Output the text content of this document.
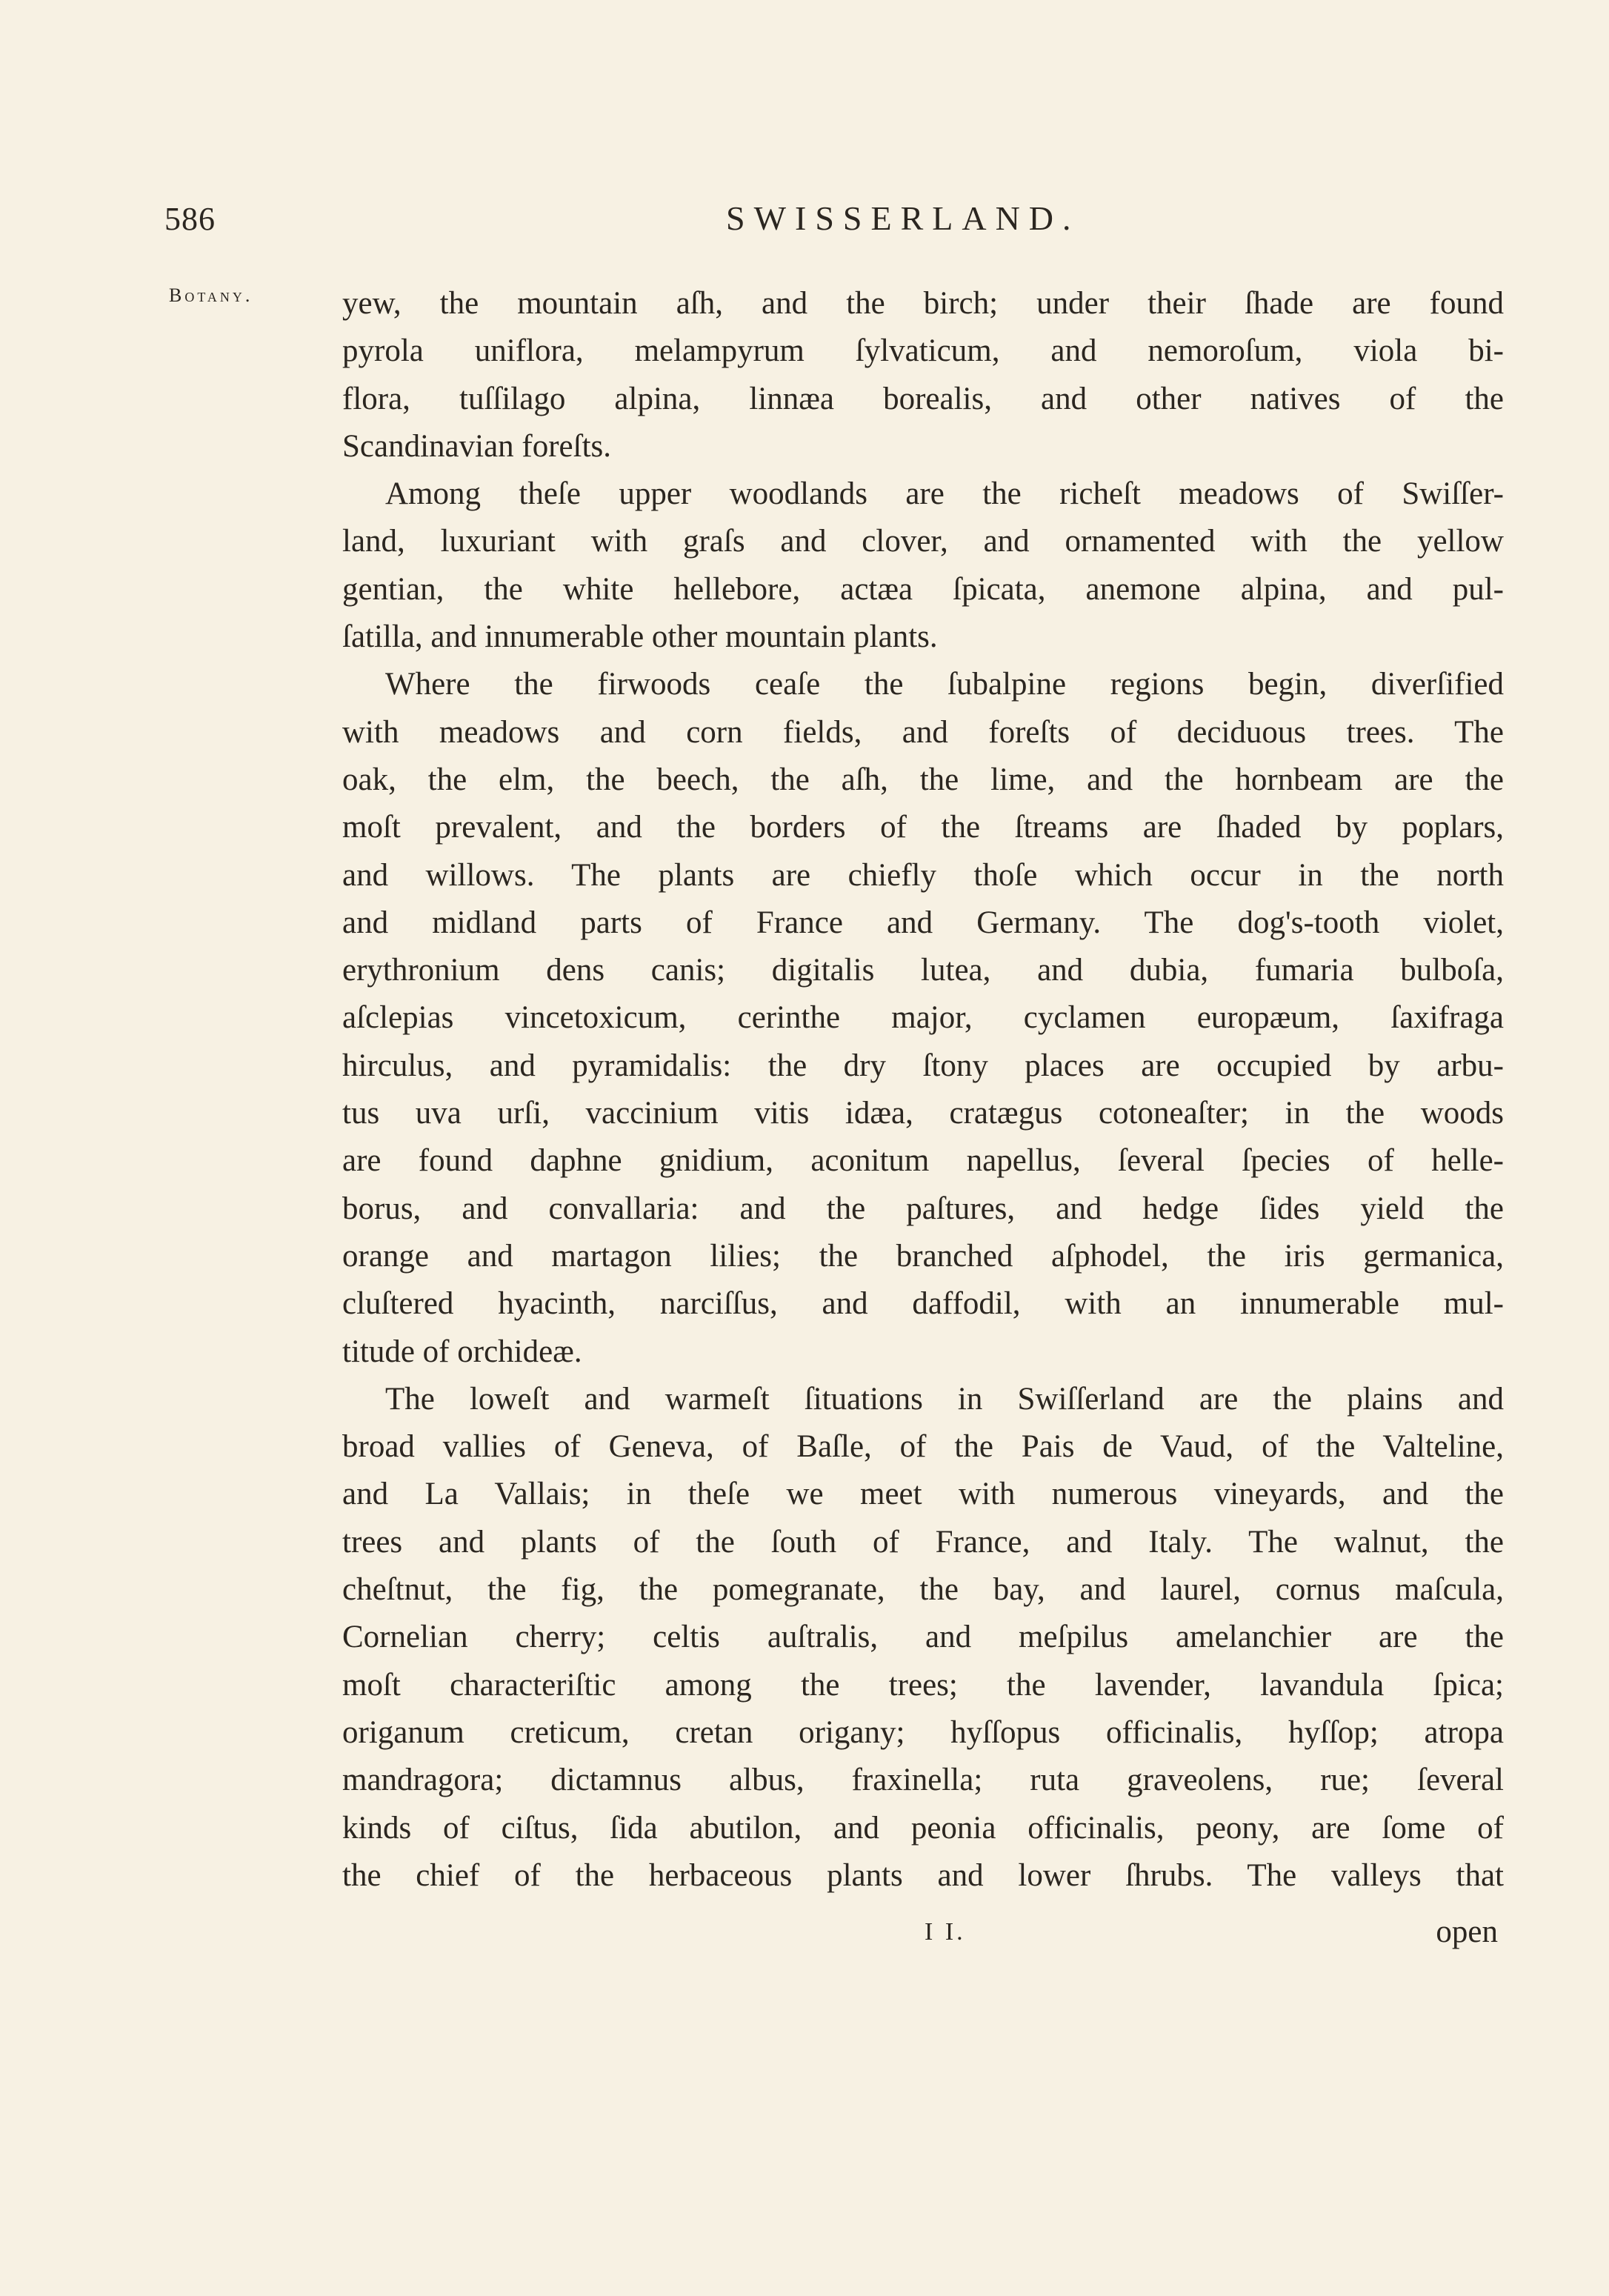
586	SWISSERLAND.
Botany.	yew, the mountain aſh, and the birch; under their ſhade are found
pyrola uniflora, melampyrum ſylvaticum, and nemoroſum, viola bi-
flora, tuſſilago alpina, linnæa borealis, and other natives of the
Scandinavian foreſts.
Among theſe upper woodlands are the richeſt meadows of Swiſſer-
land, luxuriant with graſs and clover, and ornamented with the yellow
gentian, the white hellebore, actæa ſpicata, anemone alpina, and pul-
ſatilla, and innumerable other mountain plants.
Where the firwoods ceaſe the ſubalpine regions begin, diverſified
with meadows and corn fields, and foreſts of deciduous trees. The
oak, the elm, the beech, the aſh, the lime, and the hornbeam are the
moſt prevalent, and the borders of the ſtreams are ſhaded by poplars,
and willows. The plants are chiefly thoſe which occur in the north
and midland parts of France and Germany. The dog's-tooth violet,
erythronium dens canis; digitalis lutea, and dubia, fumaria bulboſa,
aſclepias vincetoxicum, cerinthe major, cyclamen europæum, ſaxifraga
hirculus, and pyramidalis: the dry ſtony places are occupied by arbu-
tus uva urſi, vaccinium vitis idæa, cratægus cotoneaſter; in the woods
are found daphne gnidium, aconitum napellus, ſeveral ſpecies of helle-
borus, and convallaria: and the paſtures, and hedge ſides yield the
orange and martagon lilies; the branched aſphodel, the iris germanica,
cluſtered hyacinth, narciſſus, and daffodil, with an innumerable mul-
titude of orchideæ.
The loweſt and warmeſt ſituations in Swiſſerland are the plains and
broad vallies of Geneva, of Baſle, of the Pais de Vaud, of the Valteline,
and La Vallais; in theſe we meet with numerous vineyards, and the
trees and plants of the ſouth of France, and Italy. The walnut, the
cheſtnut, the fig, the pomegranate, the bay, and laurel, cornus maſcula,
Cornelian cherry; celtis auſtralis, and meſpilus amelanchier are the
moſt characteriſtic among the trees; the lavender, lavandula ſpica;
origanum creticum, cretan origany; hyſſopus officinalis, hyſſop; atropa
mandragora; dictamnus albus, fraxinella; ruta graveolens, rue; ſeveral
kinds of ciſtus, ſida abutilon, and peonia officinalis, peony, are ſome of
the chief of the herbaceous plants and lower ſhrubs. The valleys that
I I.	open
